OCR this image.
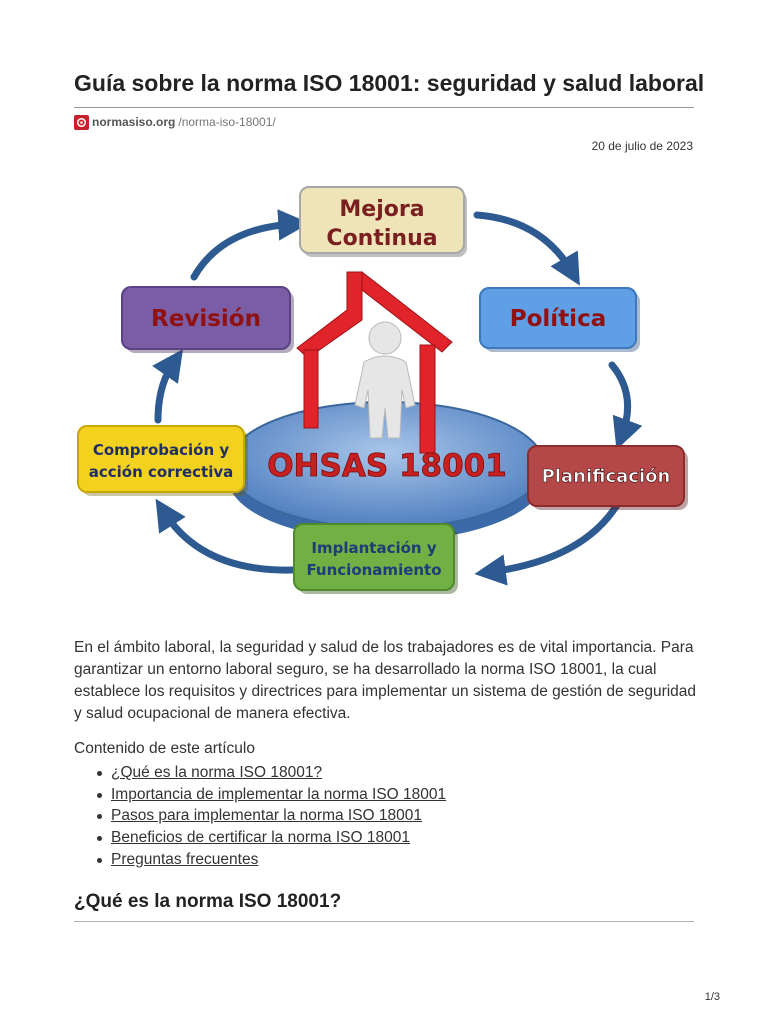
Guía sobre la norma ISO 18001: seguridad y salud laboral
normasiso.org /norma-iso-18001/
20 de julio de 2023
Mejora
Continua
Política
Revisión
Comprobación y
acción correctiva OHSAS 18001 Planificación
Implantación y
Funcionamiento

En el ámbito laboral, la seguridad y salud de los trabajadores es de vital importancia. Para garantizar un entorno laboral seguro, se ha desarrollado la norma ISO 18001, la cual establece los requisitos y directrices para implementar un sistema de gestión de seguridad y salud ocupacional de manera efectiva.

Contenido de este artículo
¿Qué es la norma ISO 18001?
Importancia de implementar la norma ISO 18001
Pasos para implementar la norma ISO 18001
Beneficios de certificar la norma ISO 18001
Preguntas frecuentes
¿Qué es la norma ISO 18001?
1/3
